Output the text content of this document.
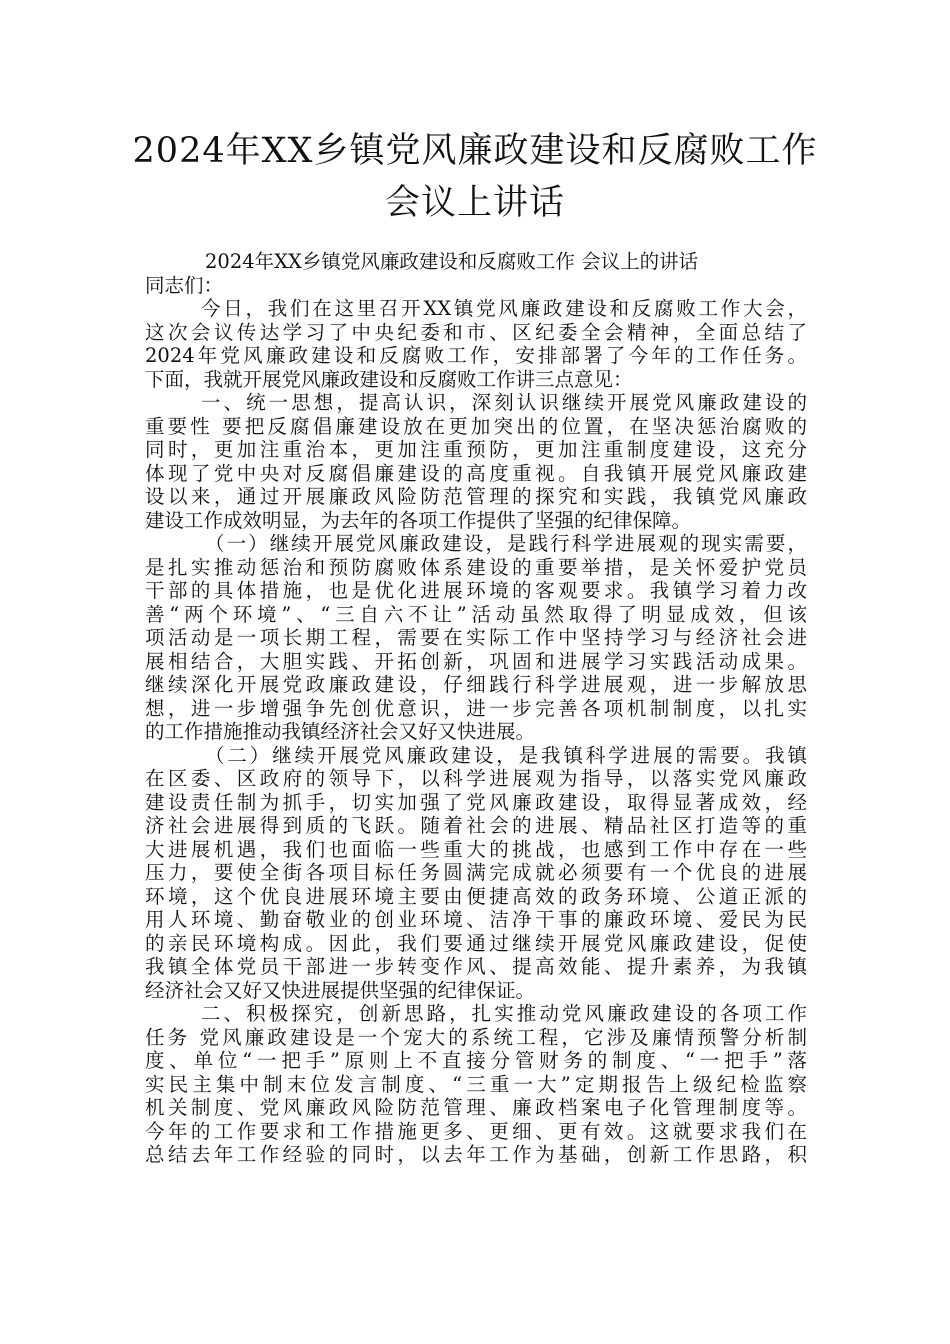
2024年XX乡镇党风廉政建设和反腐败工作
会议上讲话
2024年XX乡镇党风廉政建设和反腐败工作 会议上的讲话
同志们：
今日，我们在这里召开XX镇党风廉政建设和反腐败工作大会，
这次会议传达学习了中央纪委和市、区纪委全会精神，全面总结了
2024年党风廉政建设和反腐败工作，安排部署了今年的工作任务。
下面，我就开展党风廉政建设和反腐败工作讲三点意见：
一、统一思想，提高认识，深刻认识继续开展党风廉政建设的
重要性 要把反腐倡廉建设放在更加突出的位置，在坚决惩治腐败的
同时，更加注重治本，更加注重预防，更加注重制度建设，这充分
体现了党中央对反腐倡廉建设的高度重视。自我镇开展党风廉政建
设以来，通过开展廉政风险防范管理的探究和实践，我镇党风廉政
建设工作成效明显，为去年的各项工作提供了坚强的纪律保障。
（一）继续开展党风廉政建设，是践行科学进展观的现实需要，
是扎实推动惩治和预防腐败体系建设的重要举措，是关怀爱护党员
干部的具体措施，也是优化进展环境的客观要求。我镇学习着力改
善“两个环境”、“三自六不让”活动虽然取得了明显成效，但该
项活动是一项长期工程，需要在实际工作中坚持学习与经济社会进
展相结合，大胆实践、开拓创新，巩固和进展学习实践活动成果。
继续深化开展党政廉政建设，仔细践行科学进展观，进一步解放思
想，进一步增强争先创优意识，进一步完善各项机制制度，以扎实
的工作措施推动我镇经济社会又好又快进展。
（二）继续开展党风廉政建设，是我镇科学进展的需要。我镇
在区委、区政府的领导下，以科学进展观为指导，以落实党风廉政
建设责任制为抓手，切实加强了党风廉政建设，取得显著成效，经
济社会进展得到质的飞跃。随着社会的进展、精品社区打造等的重
大进展机遇，我们也面临一些重大的挑战，也感到工作中存在一些
压力，要使全街各项目标任务圆满完成就必须要有一个优良的进展
环境，这个优良进展环境主要由便捷高效的政务环境、公道正派的
用人环境、勤奋敬业的创业环境、洁净干事的廉政环境、爱民为民
的亲民环境构成。因此，我们要通过继续开展党风廉政建设，促使
我镇全体党员干部进一步转变作风、提高效能、提升素养，为我镇
经济社会又好又快进展提供坚强的纪律保证。
二、积极探究，创新思路，扎实推动党风廉政建设的各项工作
任务 党风廉政建设是一个宠大的系统工程，它涉及廉情预警分析制
度、单位“一把手”原则上不直接分管财务的制度、“一把手”落
实民主集中制末位发言制度、“三重一大”定期报告上级纪检监察
机关制度、党风廉政风险防范管理、廉政档案电子化管理制度等。
今年的工作要求和工作措施更多、更细、更有效。这就要求我们在
总结去年工作经验的同时，以去年工作为基础，创新工作思路，积
